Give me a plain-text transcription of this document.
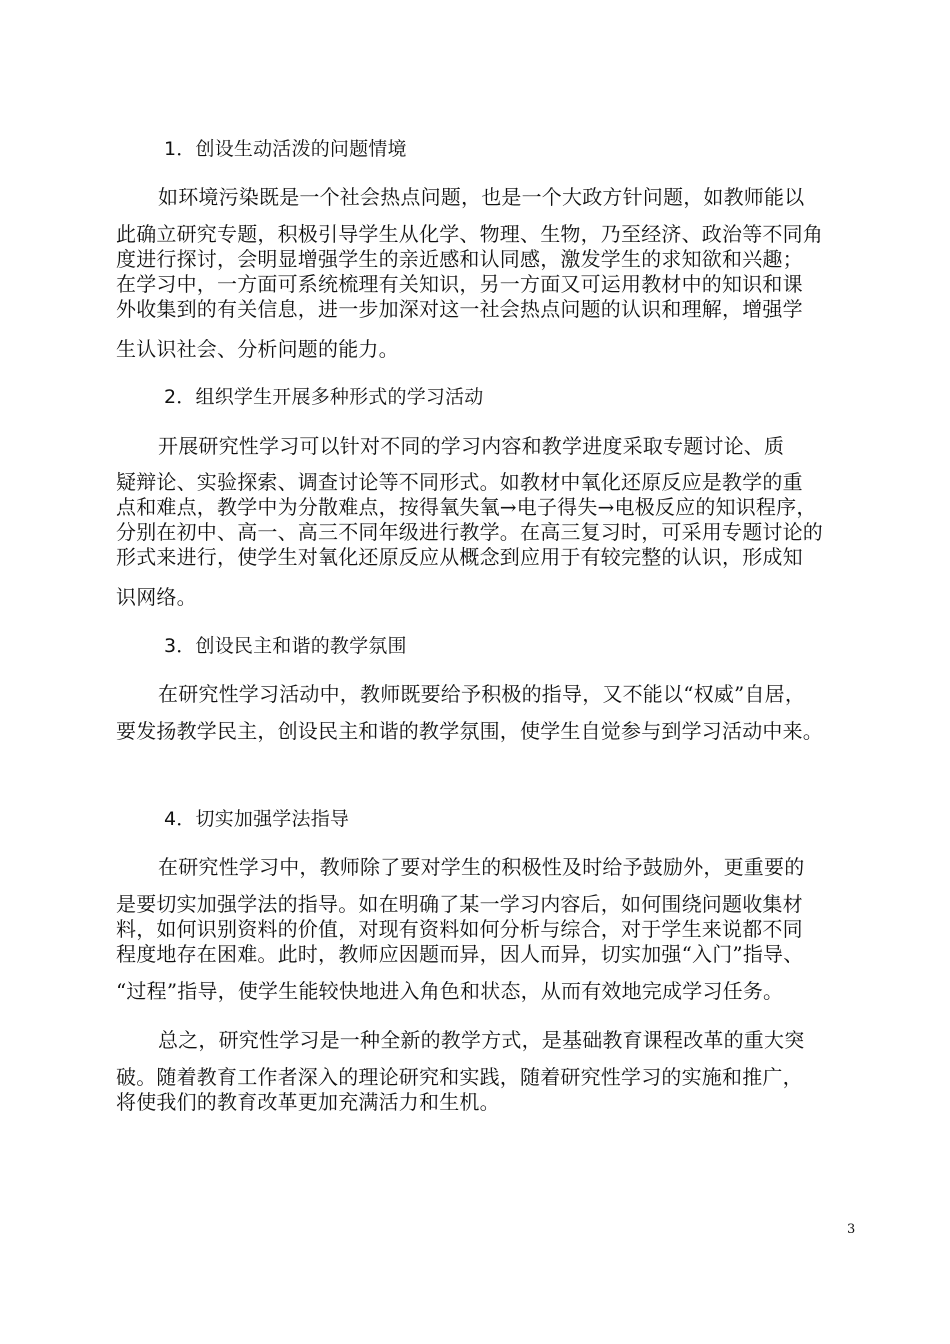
1．创设生动活泼的问题情境
如环境污染既是一个社会热点问题，也是一个大政方针问题，如教师能以
此确立研究专题，积极引导学生从化学、物理、生物，乃至经济、政治等不同角
度进行探讨，会明显增强学生的亲近感和认同感，激发学生的求知欲和兴趣；
在学习中，一方面可系统梳理有关知识，另一方面又可运用教材中的知识和课
外收集到的有关信息，进一步加深对这一社会热点问题的认识和理解，增强学
生认识社会、分析问题的能力。
2．组织学生开展多种形式的学习活动
开展研究性学习可以针对不同的学习内容和教学进度采取专题讨论、质
疑辩论、实验探索、调查讨论等不同形式。如教材中氧化还原反应是教学的重
点和难点，教学中为分散难点，按得氧失氧→电子得失→电极反应的知识程序，
分别在初中、高一、高三不同年级进行教学。在高三复习时，可采用专题讨论的
形式来进行，使学生对氧化还原反应从概念到应用于有较完整的认识，形成知
识网络。
3．创设民主和谐的教学氛围
在研究性学习活动中，教师既要给予积极的指导，又不能以“权威”自居，
要发扬教学民主，创设民主和谐的教学氛围，使学生自觉参与到学习活动中来。
4．切实加强学法指导
在研究性学习中，教师除了要对学生的积极性及时给予鼓励外，更重要的
是要切实加强学法的指导。如在明确了某一学习内容后，如何围绕问题收集材
料，如何识别资料的价值，对现有资料如何分析与综合，对于学生来说都不同
程度地存在困难。此时，教师应因题而异，因人而异，切实加强“入门”指导、
“过程”指导，使学生能较快地进入角色和状态，从而有效地完成学习任务。
总之，研究性学习是一种全新的教学方式，是基础教育课程改革的重大突
破。随着教育工作者深入的理论研究和实践，随着研究性学习的实施和推广，
将使我们的教育改革更加充满活力和生机。
3
